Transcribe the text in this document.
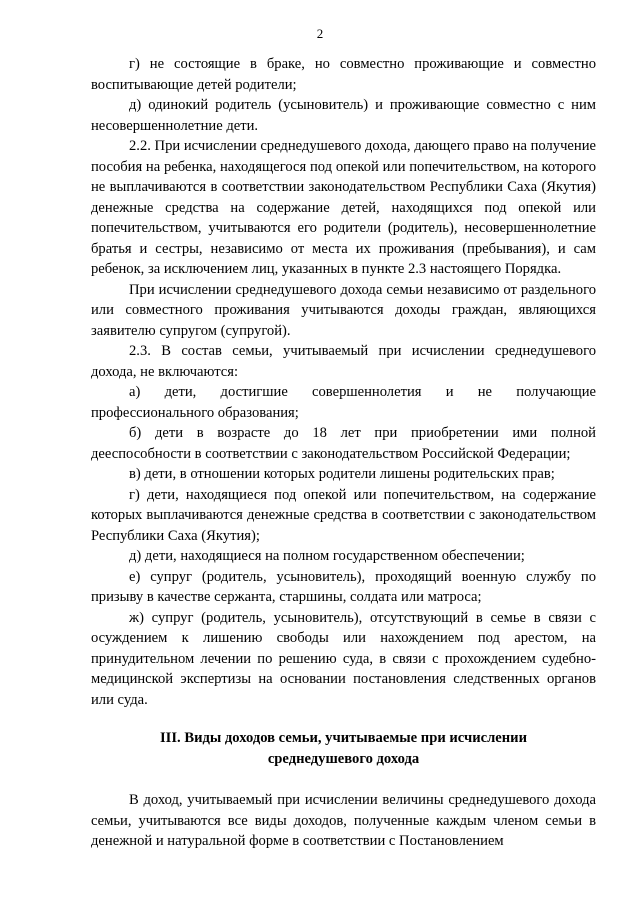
2

г) не состоящие в браке, но совместно проживающие и совместно воспитывающие детей родители;

д) одинокий родитель (усыновитель) и проживающие совместно с ним несовершеннолетние дети.

2.2. При исчислении среднедушевого дохода, дающего право на получение пособия на ребенка, находящегося под опекой или попечительством, на которого не выплачиваются в соответствии законодательством Республики Саха (Якутия) денежные средства на содержание детей, находящихся под опекой или попечительством, учитываются его родители (родитель), несовершеннолетние братья и сестры, независимо от места их проживания (пребывания), и сам ребенок, за исключением лиц, указанных в пункте 2.3 настоящего Порядка.

При исчислении среднедушевого дохода семьи независимо от раздельного или совместного проживания учитываются доходы граждан, являющихся заявителю супругом (супругой).

2.3. В состав семьи, учитываемый при исчислении среднедушевого дохода, не включаются:

а) дети, достигшие совершеннолетия и не получающие профессионального образования;

б) дети в возрасте до 18 лет при приобретении ими полной дееспособности в соответствии с законодательством Российской Федерации;

в) дети, в отношении которых родители лишены родительских прав;

г) дети, находящиеся под опекой или попечительством, на содержание которых выплачиваются денежные средства в соответствии с законодательством Республики Саха (Якутия);

д) дети, находящиеся на полном государственном обеспечении;

е) супруг (родитель, усыновитель), проходящий военную службу по призыву в качестве сержанта, старшины, солдата или матроса;

ж) супруг (родитель, усыновитель), отсутствующий в семье в связи с осуждением к лишению свободы или нахождением под арестом, на принудительном лечении по решению суда, в связи с прохождением судебно-медицинской экспертизы на основании постановления следственных органов или суда.

III. Виды доходов семьи, учитываемые при исчислении

среднедушевого дохода

В доход, учитываемый при исчислении величины среднедушевого дохода семьи, учитываются все виды доходов, полученные каждым членом семьи в денежной и натуральной форме в соответствии с Постановлением
